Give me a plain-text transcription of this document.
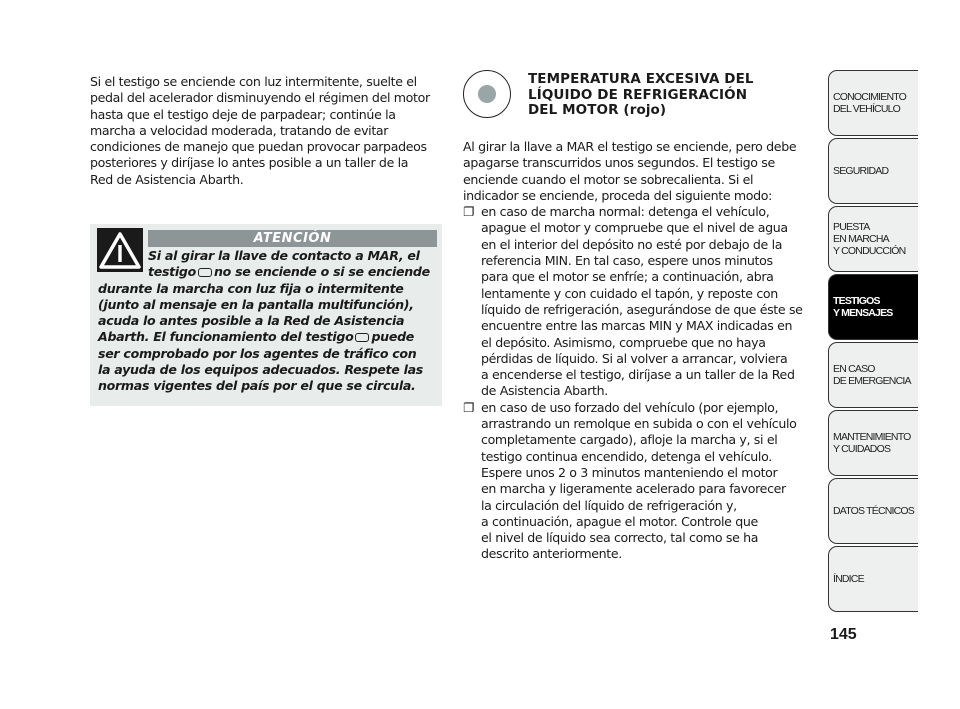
Si el testigo se enciende con luz intermitente, suelte el
pedal del acelerador disminuyendo el régimen del motor
hasta que el testigo deje de parpadear; continúe la
marcha a velocidad moderada, tratando de evitar
condiciones de manejo que puedan provocar parpadeos
posteriores y diríjase lo antes posible a un taller de la
Red de Asistencia Abarth.
ATENCIÓN
Si al girar la llave de contacto a MAR, el
testigo no se enciende o si se enciende
durante la marcha con luz fija o intermitente
(junto al mensaje en la pantalla multifunción),
acuda lo antes posible a la Red de Asistencia
Abarth. El funcionamiento del testigo puede
ser comprobado por los agentes de tráfico con
la ayuda de los equipos adecuados. Respete las
normas vigentes del país por el que se circula.
TEMPERATURA EXCESIVA DEL
LÍQUIDO DE REFRIGERACIÓN
DEL MOTOR (rojo)
Al girar la llave a MAR el testigo se enciende, pero debe
apagarse transcurridos unos segundos. El testigo se
enciende cuando el motor se sobrecalienta. Si el
indicador se enciende, proceda del siguiente modo:
❐ en caso de marcha normal: detenga el vehículo,
apague el motor y compruebe que el nivel de agua
en el interior del depósito no esté por debajo de la
referencia MIN. En tal caso, espere unos minutos
para que el motor se enfríe; a continuación, abra
lentamente y con cuidado el tapón, y reposte con
líquido de refrigeración, asegurándose de que éste se
encuentre entre las marcas MIN y MAX indicadas en
el depósito. Asimismo, compruebe que no haya
pérdidas de líquido. Si al volver a arrancar, volviera
a encenderse el testigo, diríjase a un taller de la Red
de Asistencia Abarth.
❐ en caso de uso forzado del vehículo (por ejemplo,
arrastrando un remolque en subida o con el vehículo
completamente cargado), afloje la marcha y, si el
testigo continua encendido, detenga el vehículo.
Espere unos 2 o 3 minutos manteniendo el motor
en marcha y ligeramente acelerado para favorecer
la circulación del líquido de refrigeración y,
a continuación, apague el motor. Controle que
el nivel de líquido sea correcto, tal como se ha
descrito anteriormente.
CONOCIMIENTO
DEL VEHÍCULO
SEGURIDAD
PUESTA
EN MARCHA
Y CONDUCCIÓN
TESTIGOS
Y MENSAJES
EN CASO
DE EMERGENCIA
MANTENIMIENTO
Y CUIDADOS
DATOS TÉCNICOS
ÍNDICE
145
